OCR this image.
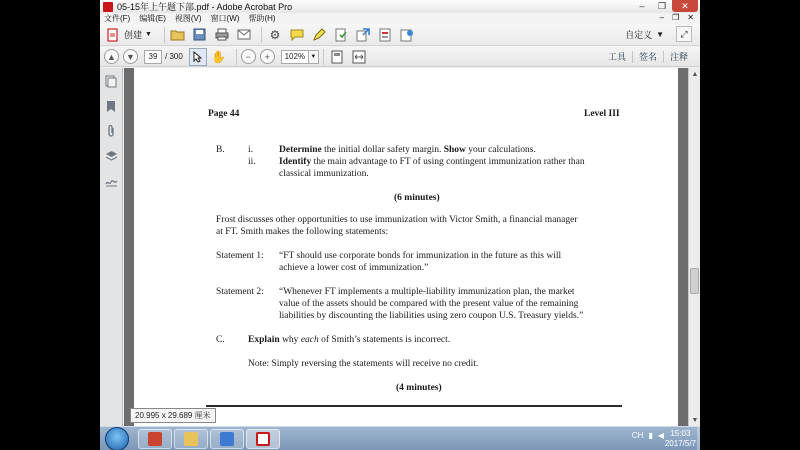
05-15年上午题下部.pdf - Adobe Acrobat Pro	–	❐	✕
文件(F) 编辑(E) 视图(V) 窗口(W) 帮助(H)	– ❐ ✕
创建 ▼	⚙	自定义 ▼	⤢
▲	▼	39 / 300 ✋	−	+	102% ▼	工具	签名	注释
Page 44	Level III
B. i.	Determine the initial dollar safety margin. Show your calculations.
ii. Identify the main advantage to FT of using contingent immunization rather than
classical immunization.
(6 minutes)
Frost discusses other opportunities to use immunization with Victor Smith, a financial manager
at FT. Smith makes the following statements:
Statement 1: “FT should use corporate bonds for immunization in the future as this will
achieve a lower cost of immunization.”
Statement 2: “Whenever FT implements a multiple-liability immunization plan, the market
value of the assets should be compared with the present value of the remaining
liabilities by discounting the liabilities using zero coupon U.S. Treasury yields.”
C. Explain why each of Smith’s statements is incorrect.
Note: Simply reversing the statements will receive no credit.
(4 minutes)
▲
▼
20.995 x 29.689 厘米
CH ▮ ◀ 15:03
2017/5/7
